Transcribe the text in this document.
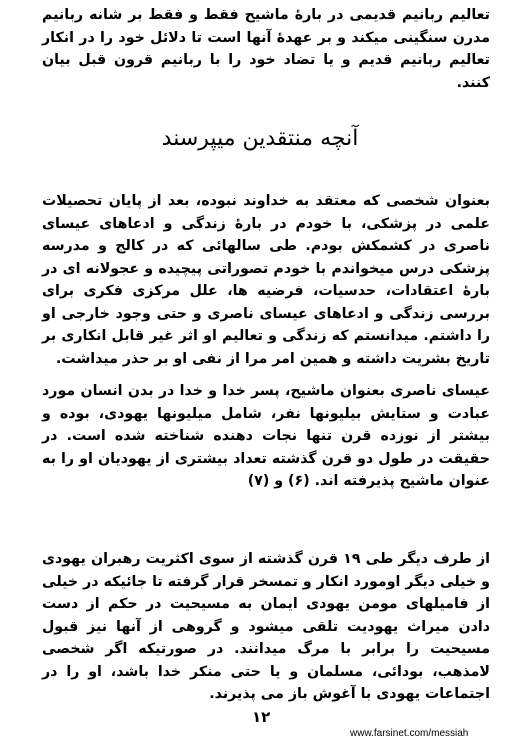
تعالیم ربانیم قدیمی در بارهٔ ماشیح فقط و فقط بر شانه ربانیم مدرن سنگینی میکند و بر عهدهٔ آنها است تا دلائل خود را در انکار تعالیم ربانیم قدیم و یا تضاد خود را با ربانیم قرون قبل بیان کنند.

آنچه منتقدین میپرسند

بعنوان شخصی که معتقد به خداوند نبوده، بعد از پایان تحصیلات علمی در پزشکی، با خودم در بارهٔ زندگی و ادعاهای عیسای ناصری در کشمکش بودم. طی سالهائی که در کالج و مدرسه پزشکی درس میخواندم با خودم تصوراتی پیچیده و عجولانه ای در بارهٔ اعتقادات، حدسیات، فرضیه ها، علل مرکزی فکری برای بررسی زندگی و ادعاهای عیسای ناصری و حتی وجود خارجی او را داشتم. میدانستم که زندگی و تعالیم او اثر غیر قابل انکاری بر تاریخ بشریت داشته و همین امر مرا از نفی او بر حذر میداشت.

عیسای ناصری بعنوان ماشیح، پسر خدا و خدا در بدن انسان مورد عبادت و ستایش بیلیونها نفر، شامل میلیونها یهودی، بوده و بیشتر از نوزده قرن تنها نجات دهنده شناخته شده است. در حقیقت در طول دو قرن گذشته تعداد بیشتری از یهودیان او را به عنوان ماشیح پذیرفته اند. (۶) و (۷)

از طرف دیگر طی ۱۹ قرن گذشته از سوی اکثریت رهبران یهودی و خیلی دیگر اومورد انکار و تمسخر قرار گرفته تا جائیکه در خیلی از فامیلهای مومن یهودی ایمان به مسیحیت در حکم از دست دادن میراث یهودیت تلقی میشود و گروهی از آنها نیز قبول مسیحیت را برابر با مرگ میدانند. در صورتیکه اگر شخصی لامذهب، بودائی، مسلمان و یا حتی منکر خدا باشد، او را در اجتماعات یهودی با آغوش باز می پذیرند.

۱۲
www.farsinet.com/messiah
